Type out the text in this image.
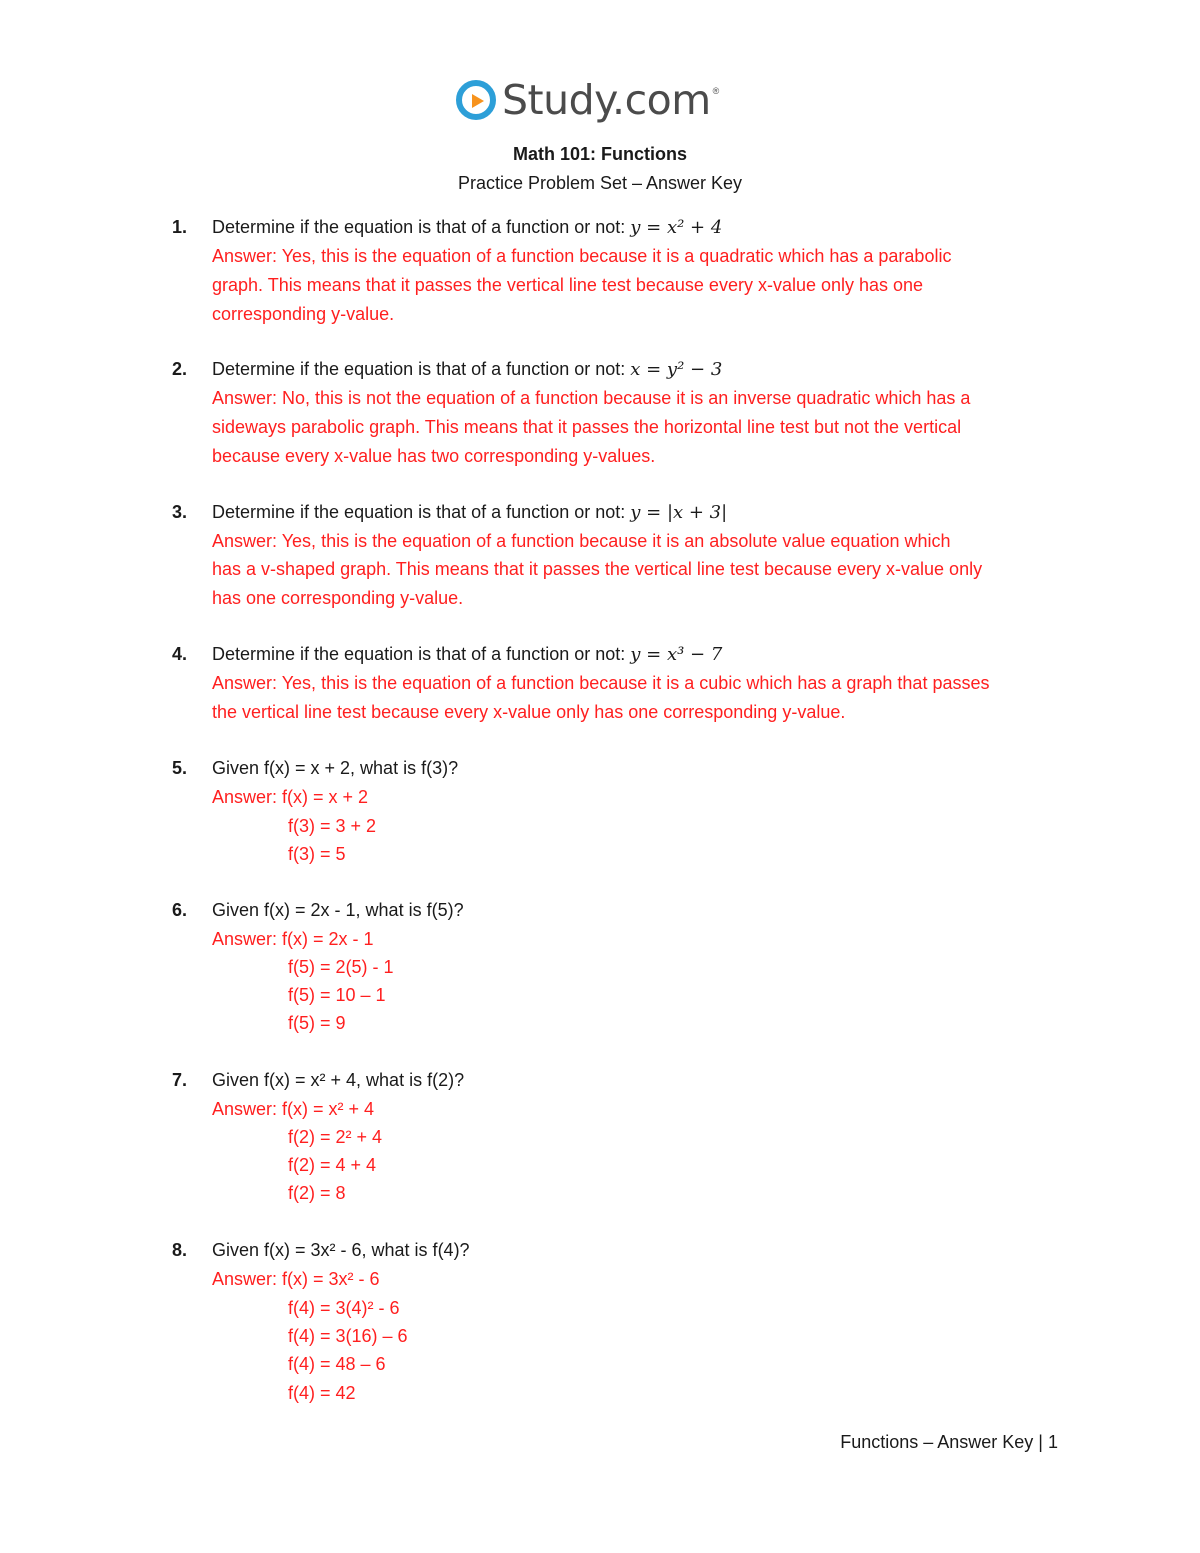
Study.com ®
Math 101: Functions
Practice Problem Set – Answer Key
1. Determine if the equation is that of a function or not: y = x² + 4
Answer: Yes, this is the equation of a function because it is a quadratic which has a parabolic
graph. This means that it passes the vertical line test because every x-value only has one
corresponding y-value.
2. Determine if the equation is that of a function or not: x = y² − 3
Answer: No, this is not the equation of a function because it is an inverse quadratic which has a
sideways parabolic graph. This means that it passes the horizontal line test but not the vertical
because every x-value has two corresponding y-values.
3. Determine if the equation is that of a function or not: y = |x + 3|
Answer: Yes, this is the equation of a function because it is an absolute value equation which
has a v-shaped graph. This means that it passes the vertical line test because every x-value only
has one corresponding y-value.
4. Determine if the equation is that of a function or not: y = x³ − 7
Answer: Yes, this is the equation of a function because it is a cubic which has a graph that passes
the vertical line test because every x-value only has one corresponding y-value.
5. Given f(x) = x + 2, what is f(3)?
Answer: f(x) = x + 2
f(3) = 3 + 2
f(3) = 5
6. Given f(x) = 2x - 1, what is f(5)?
Answer: f(x) = 2x - 1
f(5) = 2(5) - 1
f(5) = 10 – 1
f(5) = 9
7. Given f(x) = x² + 4, what is f(2)?
Answer: f(x) = x² + 4
f(2) = 2² + 4
f(2) = 4 + 4
f(2) = 8
8. Given f(x) = 3x² - 6, what is f(4)?
Answer: f(x) = 3x² - 6
f(4) = 3(4)² - 6
f(4) = 3(16) – 6
f(4) = 48 – 6
f(4) = 42
Functions – Answer Key | 1
